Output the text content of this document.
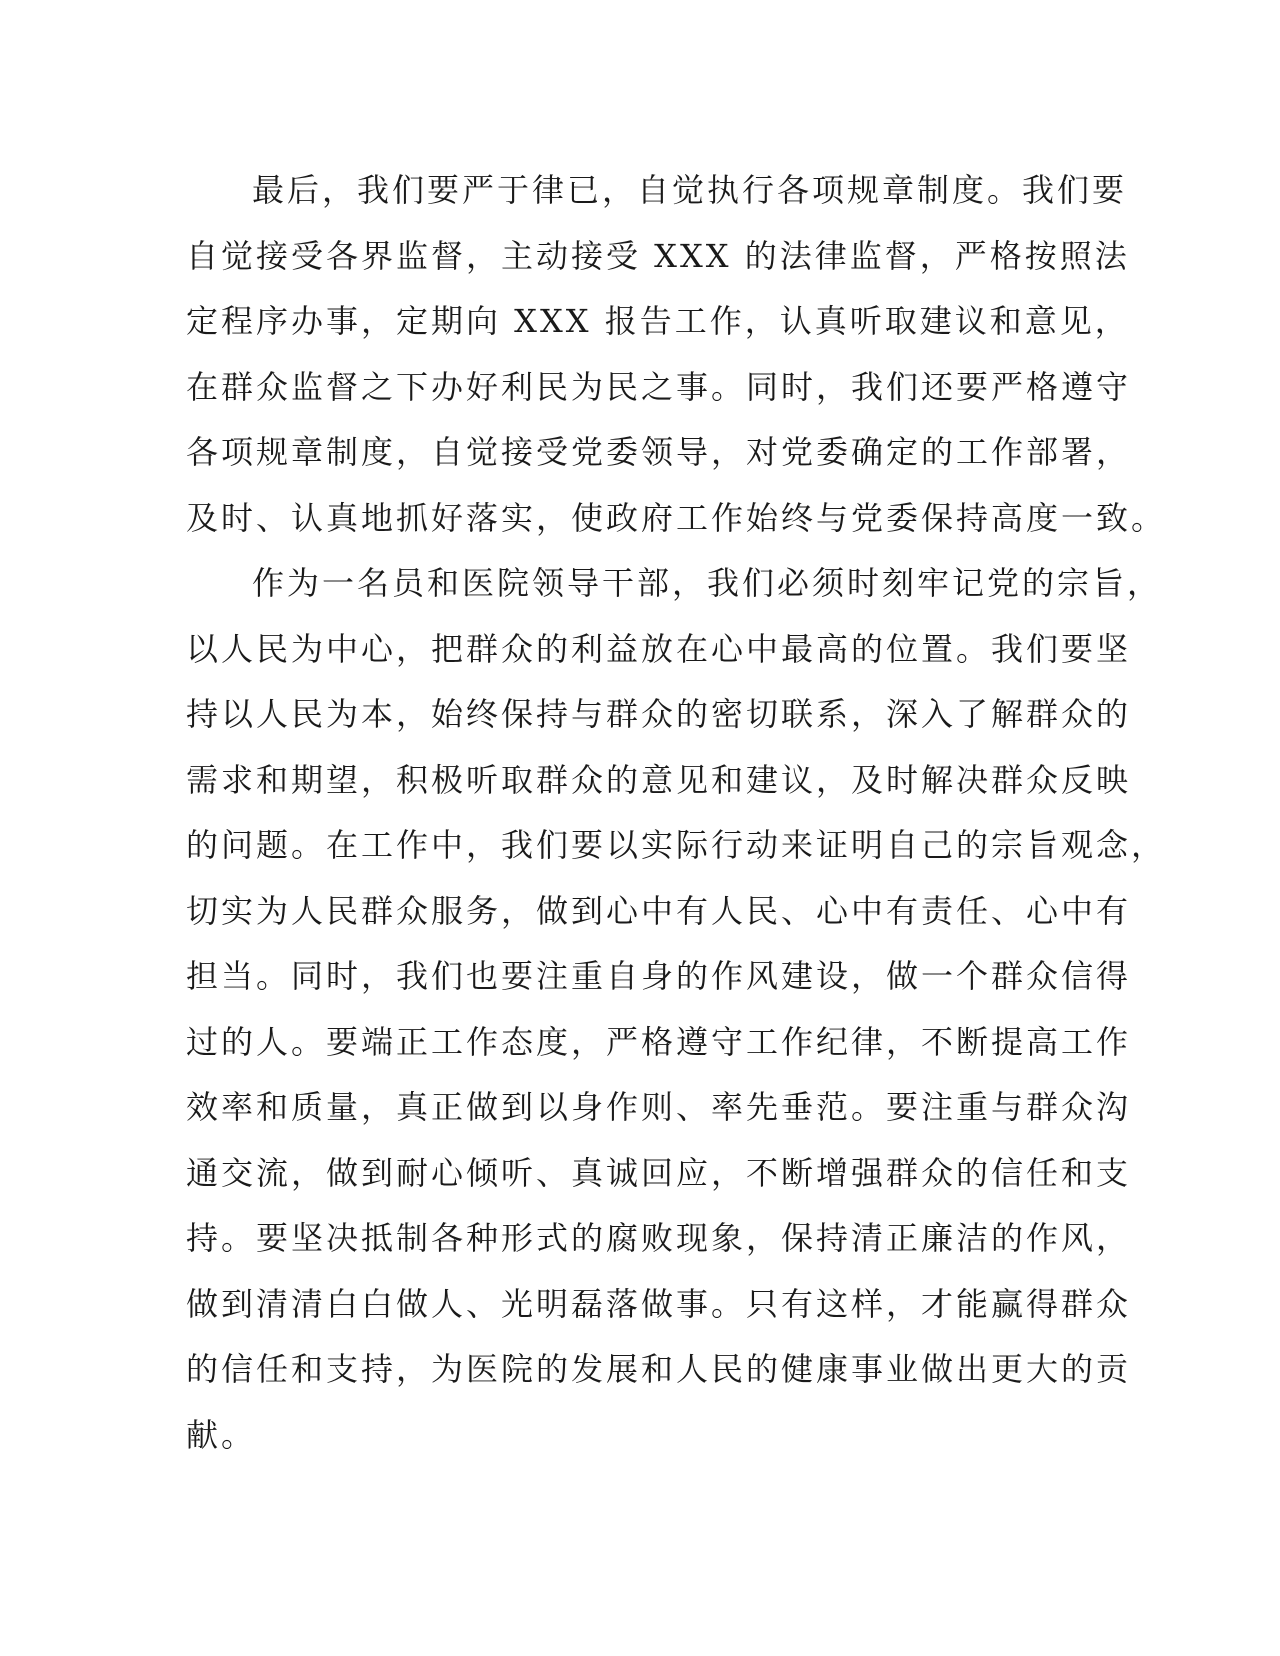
最后，我们要严于律已，自觉执行各项规章制度。我们要
自觉接受各界监督，主动接受 XXX 的法律监督，严格按照法
定程序办事，定期向 XXX 报告工作，认真听取建议和意见，
在群众监督之下办好利民为民之事。同时，我们还要严格遵守
各项规章制度，自觉接受党委领导，对党委确定的工作部署，
及时、认真地抓好落实，使政府工作始终与党委保持高度一致。
作为一名员和医院领导干部，我们必须时刻牢记党的宗旨，
以人民为中心，把群众的利益放在心中最高的位置。我们要坚
持以人民为本，始终保持与群众的密切联系，深入了解群众的
需求和期望，积极听取群众的意见和建议，及时解决群众反映
的问题。在工作中，我们要以实际行动来证明自己的宗旨观念，
切实为人民群众服务，做到心中有人民、心中有责任、心中有
担当。同时，我们也要注重自身的作风建设，做一个群众信得
过的人。要端正工作态度，严格遵守工作纪律，不断提高工作
效率和质量，真正做到以身作则、率先垂范。要注重与群众沟
通交流，做到耐心倾听、真诚回应，不断增强群众的信任和支
持。要坚决抵制各种形式的腐败现象，保持清正廉洁的作风，
做到清清白白做人、光明磊落做事。只有这样，才能赢得群众
的信任和支持，为医院的发展和人民的健康事业做出更大的贡
献。
